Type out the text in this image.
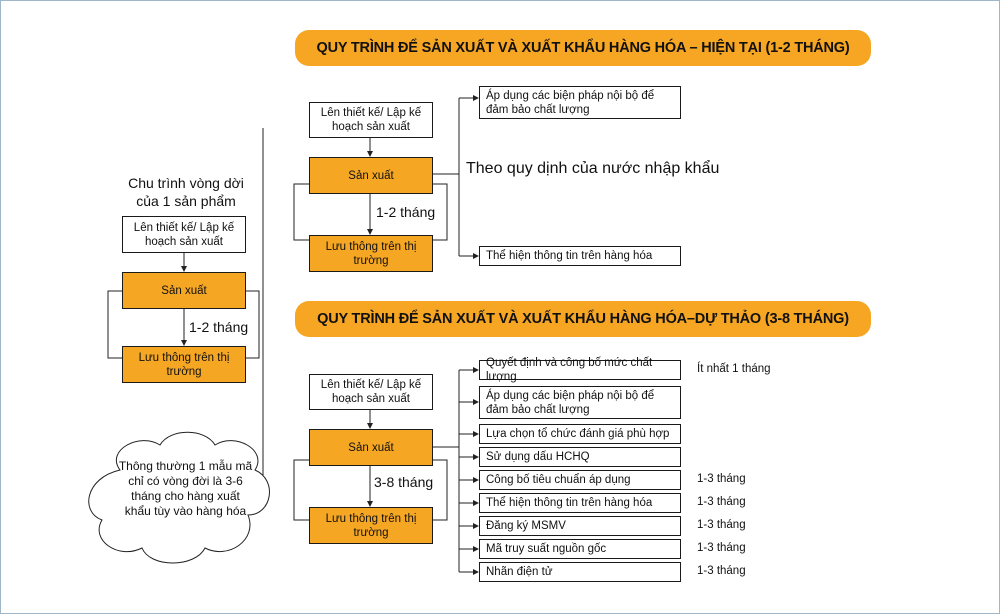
QUY TRÌNH ĐỂ SẢN XUẤT VÀ XUẤT KHẨU HÀNG HÓA – HIỆN TẠI (1-2 THÁNG)
QUY TRÌNH ĐỂ SẢN XUẤT VÀ XUẤT KHẨU HÀNG HÓA–DỰ THẢO (3-8 THÁNG)
Chu trình vòng dời
của 1 sản phẩm
Lên thiết kế/ Lập kế hoạch sản xuất
Sản xuất
1-2 tháng
Lưu thông trên thị trường
Thông thường 1 mẫu mã chỉ có vòng đời là 3-6 tháng cho hàng xuất khẩu tùy vào hàng hóa
Lên thiết kế/ Lập kế hoạch sản xuất
Sản xuất
1-2 tháng
Lưu thông trên thị trường
Theo quy dịnh của nước nhập khẩu
Áp dụng các biện pháp nội bộ để đảm bảo chất lượng
Thể hiện thông tin trên hàng hóa
Lên thiết kế/ Lập kế hoạch sản xuất
Sản xuất
3-8 tháng
Lưu thông trên thị trường
Quyết định và công bố mức chất lượng
Áp dụng các biện pháp nội bộ để đảm bảo chất lượng
Lựa chọn tổ chức đánh giá phù hợp
Sử dụng dấu HCHQ
Công bố tiêu chuẩn áp dụng
Thể hiện thông tin trên hàng hóa
Đăng ký MSMV
Mã truy suất nguồn gốc
Nhãn điện tử
Ít nhất 1 tháng
1-3 tháng
1-3 tháng
1-3 tháng
1-3 tháng
1-3 tháng
